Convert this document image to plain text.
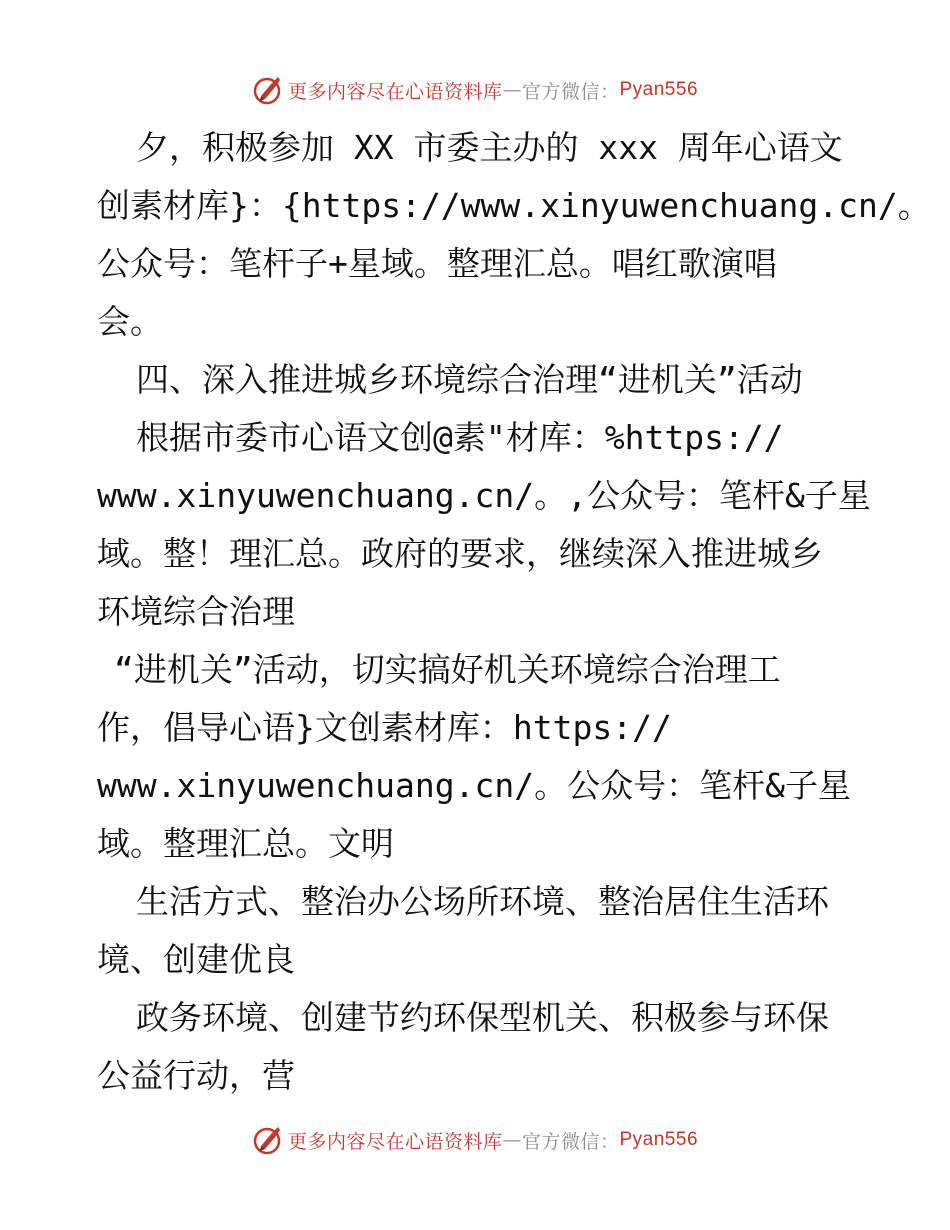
更多内容尽在心语资料库 — 官方微信： Pyan556
夕，积极参加 XX 市委主办的 xxx 周年心语文
创素材库}：{https://www.xinyuwenchuang.cn/。
公众号：笔杆子+星域。整理汇总。唱红歌演唱
会。
四、深入推进城乡环境综合治理“进机关”活动
根据市委市心语文创@素"材库：%https://
www.xinyuwenchuang.cn/。,公众号：笔杆&子星
域。整！理汇总。政府的要求，继续深入推进城乡
环境综合治理
“进机关”活动，切实搞好机关环境综合治理工
作，倡导心语}文创素材库：https://
www.xinyuwenchuang.cn/。公众号：笔杆&子星
域。整理汇总。文明
生活方式、整治办公场所环境、整治居住生活环
境、创建优良
政务环境、创建节约环保型机关、积极参与环保
公益行动，营
更多内容尽在心语资料库 — 官方微信： Pyan556
